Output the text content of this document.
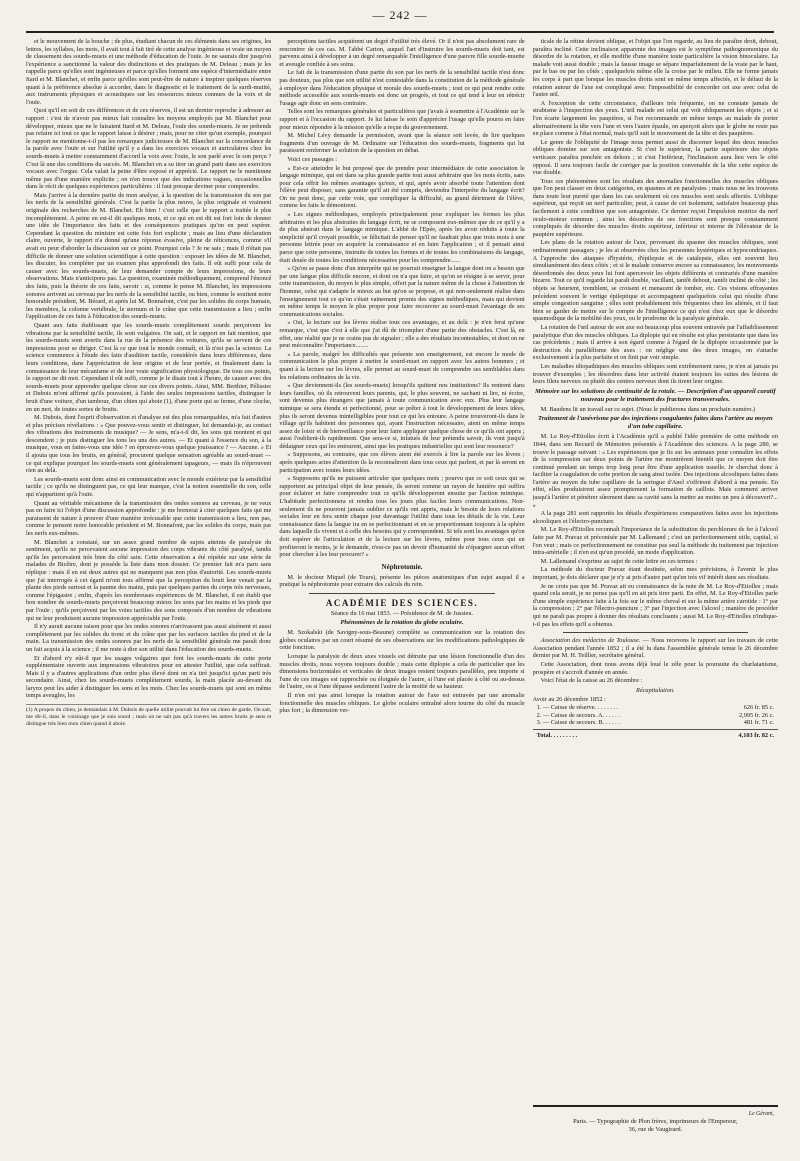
— 242 —

et le mouvement de la bouche ; de plus, étudiant chacun de ces éléments dans ses origines, les lettres, les syllabes, les mots, il avait tout à fait tiré de cette analyse ingénieuse et vraie un moyen de classement des sourds-muets et une méthode d'éducation de l'ouïe. Je ne saurais dire jusqu'où l'expérience a sanctionné la valeur des distinctions et des pratiques de M. Deleau ; mais je les rappelle parce qu'elles sont ingénieuses et parce qu'elles forment une espèce d'intermédiaire entre Itard et M. Blanchet, et enfin parce qu'elles sont peut-être de nature à inspirer quelques réserves quant à la préférence absolue à accorder, dans le diagnostic et le traitement de la surdi-mutité, aux instruments physiques et acoustiques sur les ressources mieux connues de la voix et de l'ouïe.

Quoi qu'il en soit de ces différences et de ces réserves, il est un dernier reproche à adresser au rapport : c'est de n'avoir pas mieux fait connaître les moyens employés par M. Blanchet pour développer, mieux que ne le faisaient Itard et M. Deleau, l'ouïe des sourds-muets. Je ne prétends pas refaire ici tout ce que le rapport laisse à désirer ; mais, pour ne citer qu'un exemple, pourquoi le rapport ne mentionne-t-il pas les remarques judicieuses de M. Blanchet sur la concordance de la parole avec l'ouïe et sur l'utilité qu'il y a dans les exercices vocaux et auriculaires chez les sourds-muets à mettre constamment d'accord la voix avec l'ouïe, le son parlé avec le son perçu ? C'est là une des conditions du succès. M. Blanchet en a su tirer un grand parti dans ses exercices vocaux avec l'orgue. Cela valait la peine d'être exposé et apprécié. Le rapport ne le mentionne même pas d'une manière explicite ; on n'en trouve que des indications vagues, occasionnelles dans le récit de quelques expériences particulières : il faut presque deviner pour comprendre.

Mais j'arrive à la dernière partie de mon analyse, à la question de la transmission du son par les nerfs de la sensibilité générale. C'est la partie la plus neuve, la plus originale et vraiment originale des recherches de M. Blanchet. Eh bien ! c'est celle que le rapport a traitée le plus incomplètement. A peine en est-il dit quelques mots, et ce qui en est dit est fort loin de donner une idée de l'importance des faits et des conséquences pratiques qu'on en peut espérer. Cependant la question du ministre est cette fois fort explicite ; mais au lieu d'une déclaration claire, ouverte, le rapport n'a donné qu'une réponse évasive, pleine de réticences, comme s'il avait eu peur d'aborder la discussion sur ce point. Pourquoi cela ? Je ne sais ; mais il n'était pas difficile de donner une solution scientifique à cette question : exposer les idées de M. Blanchet, les discuter, les compléter par un examen plus approfondi des faits. Il eût suffi pour cela de causer avec les sourds-muets, de leur demander compte de leurs impressions, de leurs observations. Mais n'anticipons pas. La question, examinée méthodiquement, comprend l'énoncé des faits, puis la théorie de ces faits, savoir : si, comme le pense M. Blanchet, les impressions sonores arrivent au cerveau par les nerfs de la sensibilité tactile, ou bien, comme le soutient notre honorable président, M. Bérard, et après lui M. Bonnafont, c'est par les solides du corps humain, les membres, la colonne vertébrale, le sternum et le crâne que cette transmission a lieu ; enfin l'application de ces faits à l'éducation des sourds-muets.

Quant aux faits établissant que les sourds-muets complètement sourds perçoivent les vibrations par la sensibilité tactile, ils sont vulgaires. On sait, et le rapport en fait mention, que les sourds-muets sont avertis dans la rue de la présence des voitures, qu'ils se servent de ces impressions pour se diriger. C'est là ce que tout le monde connaît, et là n'est pas la science. La science commence à l'étude des faits d'audition tactile, considérés dans leurs différences, dans leurs conditions, dans l'appréciation de leur origine et de leur portée, et finalement dans la connaissance de leur mécanisme et de leur vraie signification physiologique. De tous ces points, le rapport ne dit mot. Cependant il eût suffi, comme je le disais tout à l'heure, de causer avec des sourds-muets pour apprendre quelque chose sur ces divers points. Ainsi, MM. Berthier, Pélissier et Dubois m'ont affirmé qu'ils pouvaient, à l'aide des seules impressions tactiles, distinguer le bruit d'une voiture, d'un tambour, d'un chien qui aboie (1), d'une porte qui se ferme, d'une cloche, en un mot, de toutes sortes de bruits.

M. Dubois, dont l'esprit d'observation et d'analyse est des plus remarquables, m'a fait d'autres et plus précises révélations : « Que pouvez-vous sentir et distinguer, lui demandai-je, au contact des vibrations des instruments de musique? — Je sens, m'a-t-il dit, les sons qui montent et qui descendent ; je puis distinguer les tons les uns des autres. — Et quant à l'essence du son, à la musique, vous en faites-vous une idée ? en éprouvez-vous quelque jouissance ? — Aucune. » Et il ajouta que tous les bruits, en général, procurent quelque sensation agréable au sourd-muet — ce qui explique pourquoi les sourds-muets sont généralement tapageurs, — mais ils n'éprouvent rien au delà.

Les sourds-muets sont donc ainsi en communication avec le monde extérieur par la sensibilité tactile ; ce qu'ils ne distinguent pas, ce qui leur manque, c'est la notion essentielle du son, celle qui n'appartient qu'à l'ouïe.

Quant au véritable mécanisme de la transmission des ondes sonores au cerveau, je ne veux pas en faire ici l'objet d'une discussion approfondie : je me bornerai à citer quelques faits qui me paraissent de nature à prouver d'une manière irrécusable que cette transmission a lieu, non pas, comme le pensent notre honorable président et M. Bonnafont, par les solides du corps, mais par les nerfs eux-mêmes.

M. Blanchet a constaté, sur un assez grand nombre de sujets atteints de paralysie du sentiment, qu'ils ne percevaient aucune impression des corps vibrants du côté paralysé, tandis qu'ils les percevaient très bien du côté sain. Cette observation a été répétée sur une série de malades de Bicêtre, dont je possède la liste dans mon dossier. Ce premier fait m'a paru sans réplique : mais il en est deux autres qui ne manquent pas non plus d'autorité. Les sourds-muets que j'ai interrogés à cet égard m'ont tous affirmé que la perception du bruit leur venait par la plante des pieds surtout et la paume des mains, puis par quelques parties du corps très nerveuses, comme l'épigastre ; enfin, d'après les nombreuses expériences de M. Blanchet, il est établi que bon nombre de sourds-muets perçoivent beaucoup mieux les sons par les mains et les pieds que par l'ouïe ; qu'ils perçoivent par les voies tactiles des sons composés d'un nombre de vibrations qui ne leur produisent aucune impression appréciable par l'ouïe.

Il n'y aurait aucune raison pour que les ondes sonores n'arrivassent pas aussi aisément et aussi complètement par les solides du tronc et du crâne que par les surfaces tactiles du pied et de la main. La transmission des ondes sonores par les nerfs de la sensibilité générale me paraît donc un fait acquis à la science ; il me reste à dire son utilité dans l'éducation des sourds-muets.

Et d'abord n'y eût-il que les usages vulgaires que font les sourds-muets de cette porte supplémentaire ouverte aux impressions vibratoires pour en attester l'utilité, que cela suffirait. Mais il y a d'autres applications d'un ordre plus élevé dont on n'a tiré jusqu'ici qu'un parti très secondaire. Ainsi, chez les sourds-muets complètement sourds, la main placée au-devant du larynx peut les aider à distinguer les sons et les mots. Chez les sourds-muets qui sont en même temps aveugles, les

(1) A propos du chien, je demandais à M. Dubois de quelle utilité pouvait lui être un chien de garde. On sait, me dit-il, dans le voisinage que je suis sourd ; mais on ne sait pas qu'à travers les autres bruits je sens et distingue très bien mon chien quand il aboie.

perceptions tactiles acquièrent un degré d'utilité très élevé. Or il n'est pas absolument rare de rencontrer de ces cas. M. l'abbé Carton, auquel l'art d'instruire les sourds-muets doit tant, est parvenu ainsi à développer à un degré remarquable l'intelligence d'une pauvre fille sourde-muette et aveugle confiée à ses soins.

Le fait de la transmission d'une partie du son par les nerfs de la sensibilité tactile n'est donc pas douteux, pas plus que son utilité n'est contestable dans la constitution de la méthode générale à employer dans l'éducation physique et morale des sourds-muets ; tout ce qui peut rendre cette méthode accessible aux sourds-muets est donc un progrès, et tout ce qui tend à leur en rétrécir l'usage agir donc en sens contraire.

Telles sont les remarques générales et particulières que j'avais à soumettre à l'Académie sur le rapport et à l'occasion du rapport. Je lui laisse le soin d'apprécier l'usage qu'elle pourra en faire pour mieux répondre à la mission qu'elle a reçue du gouvernement.

M. Michel Lévy demande la permission, avant que la séance soit levée, de lire quelques fragments d'un ouvrage de M. Ordinaire sur l'éducation des sourds-muets, fragments qui lui paraissent renfermer la solution de la question en débat.

Voici ces passages :

« Est-ce atteindre le but proposé que de prendre pour intermédiaire de cette association le langage mimique, qui est dans sa plus grande partie tout aussi arbitraire que les mots écrits, sans pour cela offrir les mêmes avantages qu'eux, et qui, après avoir absorbé toute l'attention dont l'élève peut disposer, sans garantie qu'il ait été compris, deviendra l'interprète du langage écrit? On ne peut donc, par cette voie, que compliquer la difficulté, au grand détriment de l'élève, comme les faits le démontrent.

» Les signes méthodiques, employés principalement pour expliquer les formes les plus arbitraires et les plus abstraites du langage écrit, ne se composent eux-mêmes que de ce qu'il y a de plus abstrait dans le langage mimique. L'abbé de l'Epée, après les avoir réduits à toute la simplicité qu'il croyait possible, se félicitait de penser qu'il ne faudrait plus que trois mois à une personne lettrée pour en acquérir la connaissance et en faire l'application ; et il pensait ainsi parce que cette personne, instruite de toutes les formes et de toutes les combinaisons du langage, était douée de toutes les conditions nécessaires pour les comprendre......

» Qu'on se passe donc d'un interprète qui ne pourrait enseigner la langue dont on a besoin que par une langue plus difficile encore, et dont on n'a que faire, et qu'on se résigne à se servir, pour cette transmission, du moyen le plus simple, offert par la nature même de la chose à l'attention de l'homme, celui qui s'adapte le mieux au but qu'on se propose, et qui non-seulement réalise dans l'enseignement tout ce qu'on s'était vainement promis des signes méthodiques, mais qui devient en même temps le moyen le plus propre pour faire recouvrer au sourd-muet l'avantage de ses communications sociales.

» Oui, la lecture sur les lèvres réalise tous ces avantages, et au delà : je n'en ferai qu'une remarque, c'est que c'est à elle que j'ai dû de triompher d'une partie des obstacles. C'est là, en effet, une réalité que je ne crains pas de signaler ; elle a des résultats incontestables, et dont on ne peut méconnaître l'importance........

» La parole, malgré les difficultés que présente son enseignement, est encore le mode de communication le plus propre à mettre le sourd-muet en rapport avec les autres hommes ; et quant à la lecture sur les lèvres, elle permet au sourd-muet de comprendre ses semblables dans les relations ordinaires de la vie.

» Que deviennent-ils (les sourds-muets) lorsqu'ils quittent nos institutions? Ils rentrent dans leurs familles, où ils retrouvent leurs parents, qui, le plus souvent, ne sachant ni lire, ni écrire, sont devenus plus étrangers que jamais à toute communication avec eux. Plus leur langage mimique se sera étendu et perfectionné, pour se prêter à tout le développement de leurs idées, plus ils seront devenus inintelligibles pour tout ce qui les entoure. A peine trouveront-ils dans le village qu'ils habitent des personnes qui, ayant l'instruction nécessaire, aient en même temps assez de loisir et de bienveillance pour leur faire appliquer quelque chose de ce qu'ils ont appris ; aussi l'oublient-ils rapidement. Que sera-ce si, infatués de leur prétendu savoir, ils vont jusqu'à dédaigner ceux qui les entourent, ainsi que les pratiques industrielles qui sont leur ressource?

» Supposons, au contraire, que ces élèves aient été exercés à lire la parole sur les lèvres ; après quelques actes d'attention ils la reconnaîtront dans tous ceux qui parlent, et par là seront en participation avec toutes leurs idées.

» Supposons qu'ils ne puissent articuler que quelques mots ; pourvu que ce soit ceux qui se rapportent au principal objet de leur pensée, ils seront comme un rayon de lumière qui suffira pour éclairer et faire comprendre tout ce qu'ils développeront ensuite par l'action mimique. L'habitude perfectionnera et rendra tous les jours plus faciles leurs communications. Non-seulement ils ne pourront jamais oublier ce qu'ils ont appris, mais le besoin de leurs relations sociales leur en fera sentir chaque jour davantage l'utilité dans tous les détails de la vie. Leur connaissance dans la langue ira en se perfectionnant et en se proportionnant toujours à la sphère dans laquelle ils vivent et à celle des besoins qui y correspondent. Si tels sont les avantages qu'on doit espérer de l'articulation et de la lecture sur les lèvres, même pour tous ceux qui en profiteront le moins, je le demande, n'est-ce pas un devoir d'humanité de n'épargner aucun effort pour chercher à les leur procurer? »

Néphrotomie.

M. le docteur Miquel (de Tours), présente les pièces anatomiques d'un sujet auquel il a pratiqué la néphrotomie pour extraire des calculs du rein.

ACADÉMIE DES SCIENCES.

Séance du 16 mai 1853. — Présidence de M. de Jussieu.

Phénomènes de la rotation du globe oculaire.

M. Szokalski (de Savigny-sous-Beaune) complète sa communication sur la rotation des globes oculaires par un court résumé de ses observations sur les modifications pathologiques de cette fonction.

Lorsque la paralysie de deux axes visuels est détruite par une lésion fonctionnelle d'un des muscles droits, nous voyons toujours double ; mais cette diplopie a cela de particulier que les dimensions horizontales et verticales de deux images restent toujours parallèles, peu importe si l'une de ces images est rapprochée ou éloignée de l'autre, si l'une est placée à côté ou au-dessus de l'autre, ou si l'une dépasse seulement l'autre de la moitié de sa hauteur.

Il n'en est pas ainsi lorsque la rotation autour de l'axe est entravée par une anomalie fonctionnelle des muscles obliques. Le globe oculaire entraîné alors tourne du côté du muscle plus fort ; la dimension ver-

ticale de la rétine devient oblique, et l'objet que l'on regarde, au lieu de paraître droit, debout, paraîtra incliné. Cette inclinaison apparente des images est le symptôme pathognomonique du désordre de la rotation, et elle modifie d'une manière toute particulière la vision binoculaire. La malade voit aussi double ; mais la fausse image se sépare imparfaitement de la vraie par le haut, par le bas ou par les côtés ; quelquefois même elle la croise par le milieu. Elle ne forme jamais les corps à part que lorsque les muscles droits sont en même temps affectés, et le défaut de la rotation autour de l'axe est compliqué avec l'impossibilité de concorder cet axe avec celui de l'autre œil.

A l'exception de cette circonstance, d'ailleurs très fréquente, on ne constate jamais de strabisme à l'inspection des yeux. L'œil malade est celui qui voit obliquement les objets ; et si l'on écarte largement les paupières, si l'on recommande en même temps au malade de porter alternativement la tête vers l'une et vers l'autre épaule, on aperçoit alors que le globe ne reste pas en place comme à l'état normal, mais qu'il suit le mouvement de la tête et des paupières.

Le genre de l'obliquité de l'image nous permet aussi de discerner lequel des deux muscles obliques domine sur son antagoniste. Si c'est le supérieur, la partie supérieure des objets verticaux paraîtra penchée en dehors ; si c'est l'inférieur, l'inclinaison aura lieu vers le côté opposé. Il sera toujours facile de corriger par la position convenable de la tête cette espèce de vue double.

Tous ces phénomènes sont les résultats des anomalies fonctionnelles des muscles obliques que l'on peut classer en deux catégories, en spasmes et en paralysies ; mais nous ne les trouvons dans toute leur pureté que dans les cas seulement où ces muscles sont seuls affectés. L'oblique supérieur, qui reçoit un nerf particulier, peut, à cause de cet isolement, satisfaire beaucoup plus facilement à cette condition que son antagoniste. Ce dernier reçoit l'impulsion motrice du nerf oculo-moteur commun ; ainsi les désordres de ses fonctions sont presque constamment compliqués de désordre des muscles droits supérieur, inférieur et interne de l'élévateur de la paupière supérieure.

Les plans de la rotation autour de l'axe, provenant du spasme des muscles obliques, sont ordinairement passagers ; je les ai observées chez les personnes hystériques et hypocondriaques. A l'approche des attaques d'hystérie, d'épilepsie et de catalepsie, elles ont souvent lieu simultanément des deux côtés ; et si le malade conserve encore sa connaissance, les mouvements désordonnés des deux yeux lui font apercevoir les objets différents et contrariés d'une manière bizarre. Tout ce qu'il regarde lui paraît double, vacillant, tantôt debout, tantôt incliné de côté ; les objets se heurtent, tremblent, se croisent et menacent de tomber, etc. Ces visions effrayantes précèdent souvent le vertige épileptique et accompagnent quelquefois celui qui résulte d'une simple congestion sanguine ; elles sont probablement très fréquentes chez les aliénés, et il faut bien se garder de mettre sur le compte de l'intelligence ce qui n'est chez eux que le désordre spasmodique de la mobilité des yeux, ou le prodrome de la paralysie générale.

La rotation de l'œil autour de son axe est beaucoup plus souvent entravée par l'affaiblissement paralytique d'un des muscles obliques. La diplopie qui en résulte est plus persistante que dans les cas précédents ; mais il arrive à son égard comme à l'égard de la diplopie occasionnée par la destruction du parallélisme des axes : on néglige une des deux images, on s'attache exclusivement à la plus parfaite et on finit par voir simple.

Les maladies idiopathiques des muscles obliques sont extrêmement rares, je n'en ai jamais pu trouver d'exemples ; les désordres dans leur activité étaient toujours les suites des lésions de leurs filets nerveux ou plutôt des centres nerveux dont ils tirent leur origine.

Mémoire sur les solutions de continuité de la rotule. — Description d'un appareil curatif nouveau pour le traitement des fractures transversales.

M. Baudens lit un travail sur ce sujet. (Nous le publierons dans un prochain numéro.)

Traitement de l'anévrisme par des injections coagulantes faites dans l'artère au moyen d'un tube capillaire.

M. Le Roy-d'Etiolles écrit à l'Académie qu'il a publié l'idée première de cette méthode en 1844, dans son Recueil de Mémoires présentés à l'Académie des sciences. A la page 280, se trouve le passage suivant : « Les expériences que je fis sur les animaux pour connaître les effets de la compression sur deux points de l'artère me montrèrent bientôt que ce moyen doit être continué pendant un temps trop long pour être d'une application usuelle. Je cherchai donc à faciliter la coagulation de cette portion de sang ainsi isolée. Des injections alcooliques faites dans l'artère au moyen du tube capillaire de la seringue d'Anel s'offrirent d'abord à ma pensée. En effet, elles produisirent assez promptement la formation de caillots. Mais comment arriver jusqu'à l'artère et pénétrer sûrement dans sa cavité sans la mettre au moins un peu à découvert?... »

A la page 281 sont rapportés les détails d'expériences comparatives faites avec les injections alcooliques et l'électro-puncture.

M. Le Roy-d'Etiolles reconnaît l'importance de la substitution du perchlorure de fer à l'alcool faite par M. Pravaz et préconisée par M. Lallemand ; c'est un perfectionnement utile, capital, si l'on veut ; mais ce perfectionnement ne constitue pas seul la méthode du traitement par injection intra-artérielle ; il n'en est qu'un procédé, un mode d'application.

M. Lallemand s'exprime au sujet de cette lettre en ces termes :

La méthode du docteur Pravaz étant destinée, selon mes prévisions, à l'avenir le plus important, je dois déclarer que je n'y ai pris d'autre part qu'en très vif intérêt dans ses résultats.

Je ne crois pas que M. Pravaz ait eu connaissance de la note de M. Le Roy-d'Etiolles ; mais quand cela serait, je ne pense pas qu'il en ait pris tirer parti. En effet, M. Le Roy-d'Etiolles parle d'une simple expérience faite à la fois sur le même cheval et sur la même artère carotide : 1° par la compression ; 2° par l'électro-puncture ; 3° par l'injection avec l'alcool ; manière de procéder qui ne paraît pas propre à donner des résultats concluants ; aussi M. Le Roy-d'Etiolles n'indique-t-il pas les effets qu'il a obtenus.

Association des médecins de Toulouse. — Nous recevons le rapport sur les travaux de cette Association pendant l'année 1852 ; il a été lu dans l'assemblée générale tenue le 26 décembre dernier par M. H. Teillier, secrétaire général.

Cette Association, dont nous avons déjà loué le zèle pour la poursuite du charlatanisme, prospère et s'accroît d'année en année.

Voici l'état de la caisse au 26 décembre :

Récapitulation.
Avoir au 26 décembre 1852 :
1. — Caisse de réserve. . . . . . . .	626 fr. 85 c.
2. — Caisse de secours. A. . . . . .	2,995 fr. 26 c.
3. — Caisse de secours. B. . . . . .	481 fr. 71 c.
Total. . . . . . . . .	4,103 fr. 82 c.
Le Gérant,
Paris. — Typographie de Plon frères, imprimeurs de l'Empereur,
36, rue de Vaugirard.
